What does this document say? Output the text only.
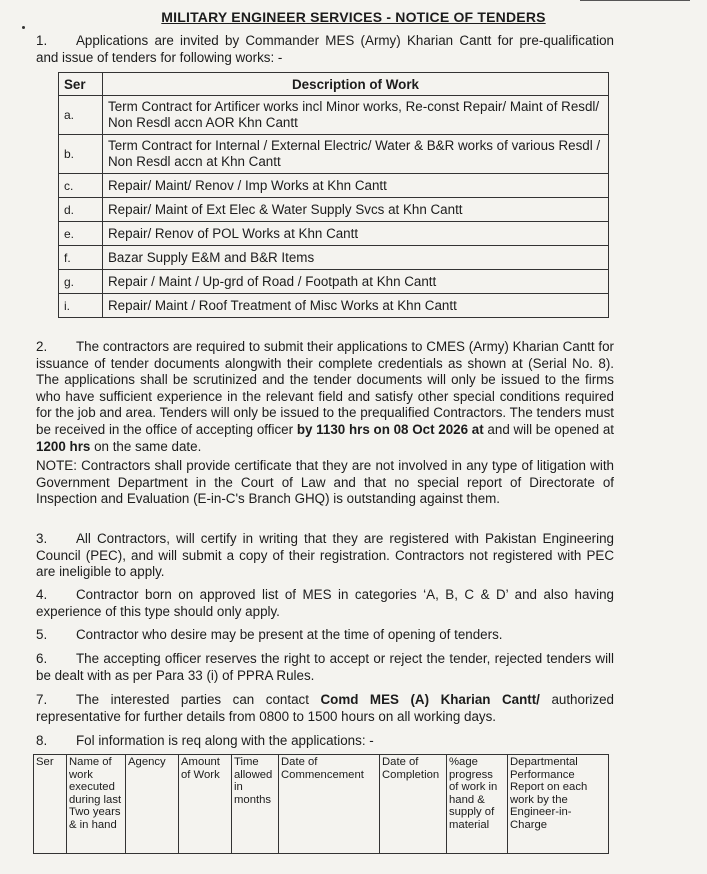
MILITARY ENGINEER SERVICES - NOTICE OF TENDERS
1. Applications are invited by Commander MES (Army) Kharian Cantt for pre-qualification and issue of tenders for following works: -
Ser	Description of Work
a.	Term Contract for Artificer works incl Minor works, Re-const Repair/ Maint of Resdl/ Non Resdl accn AOR Khn Cantt
b.	Term Contract for Internal / External Electric/ Water & B&R works of various Resdl / Non Resdl accn at Khn Cantt
c.	Repair/ Maint/ Renov / Imp Works at Khn Cantt
d.	Repair/ Maint of Ext Elec & Water Supply Svcs at Khn Cantt
e.	Repair/ Renov of POL Works at Khn Cantt
f.	Bazar Supply E&M and B&R Items
g.	Repair / Maint / Up-grd of Road / Footpath at Khn Cantt
i.	Repair/ Maint / Roof Treatment of Misc Works at Khn Cantt
2. The contractors are required to submit their applications to CMES (Army) Kharian Cantt for issuance of tender documents alongwith their complete credentials as shown at (Serial No. 8). The applications shall be scrutinized and the tender documents will only be issued to the firms who have sufficient experience in the relevant field and satisfy other special conditions required for the job and area. Tenders will only be issued to the prequalified Contractors. The tenders must be received in the office of accepting officer by 1130 hrs on 08 Oct 2026 at and will be opened at 1200 hrs on the same date.
NOTE: Contractors shall provide certificate that they are not involved in any type of litigation with Government Department in the Court of Law and that no special report of Directorate of Inspection and Evaluation (E-in-C's Branch GHQ) is outstanding against them.
3. All Contractors, will certify in writing that they are registered with Pakistan Engineering Council (PEC), and will submit a copy of their registration. Contractors not registered with PEC are ineligible to apply.
4. Contractor born on approved list of MES in categories ‘A, B, C & D’ and also having experience of this type should only apply.
5. Contractor who desire may be present at the time of opening of tenders.
6. The accepting officer reserves the right to accept or reject the tender, rejected tenders will be dealt with as per Para 33 (i) of PPRA Rules.
7. The interested parties can contact Comd MES (A) Kharian Cantt/ authorized representative for further details from 0800 to 1500 hours on all working days.
8. Fol information is req along with the applications: -
Ser	Name of work executed during last Two years & in hand	Agency	Amount of Work	Time allowed in months	Date of Commencement	Date of Completion	%age progress of work in hand & supply of material	Departmental Performance Report on each work by the Engineer-in-Charge
